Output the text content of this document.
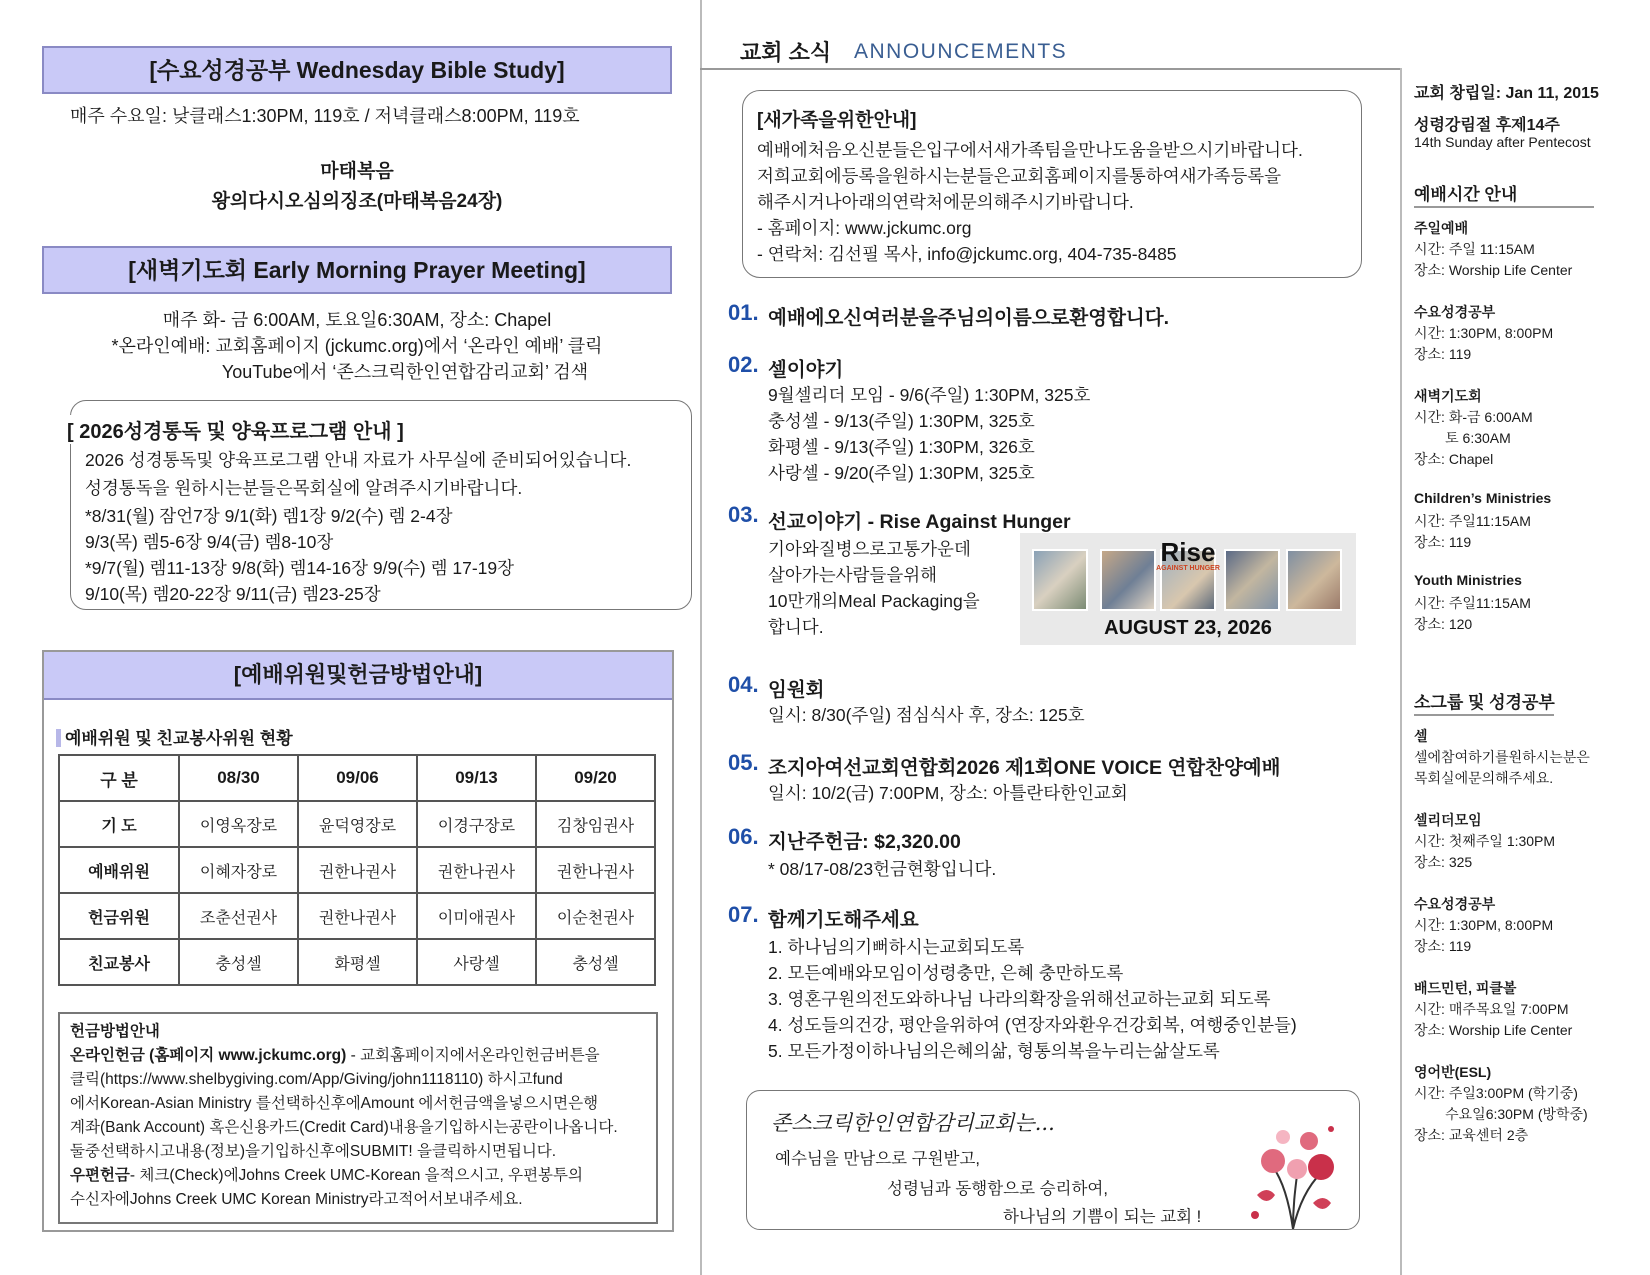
[수요성경공부 Wednesday Bible Study]
매주 수요일: 낮클래스1:30PM, 119호 / 저녁클래스8:00PM, 119호
마태복음
왕의다시오심의징조(마태복음24장)
[새벽기도회 Early Morning Prayer Meeting]
매주 화- 금 6:00AM, 토요일6:30AM, 장소: Chapel
*온라인예배: 교회홈페이지 (jckumc.org)에서 ‘온라인 예배’ 클릭
YouTube에서 ‘존스크릭한인연합감리교회’ 검색
[ 2026성경통독 및 양육프로그램 안내 ]
2026 성경통독및 양육프로그램 안내 자료가 사무실에 준비되어있습니다.
성경통독을 원하시는분들은목회실에 알려주시기바랍니다.
*8/31(월) 잠언7장 9/1(화) 렘1장 9/2(수) 렘 2-4장
9/3(목) 렘5-6장 9/4(금) 렘8-10장
*9/7(월) 렘11-13장 9/8(화) 렘14-16장 9/9(수) 렘 17-19장
9/10(목) 렘20-22장 9/11(금) 렘23-25장
[예배위원및헌금방법안내]
예배위원 및 친교봉사위원 현황
구 분	08/30	09/06	09/13	09/20
기 도	이영옥장로	윤덕영장로	이경구장로	김창임권사
예배위원	이혜자장로	권한나권사	권한나권사	권한나권사
헌금위원	조춘선권사	권한나권사	이미애권사	이순천권사
친교봉사	충성셀	화평셀	사랑셀	충성셀
헌금방법안내
온라인헌금 (홈페이지 www.jckumc.org) - 교회홈페이지에서온라인헌금버튼을
클릭(https://www.shelbygiving.com/App/Giving/john1118110) 하시고fund
에서Korean-Asian Ministry 를선택하신후에Amount 에서헌금액을넣으시면은행
계좌(Bank Account) 혹은신용카드(Credit Card)내용을기입하시는공란이나옵니다.
둘중선택하시고내용(정보)을기입하신후에SUBMIT! 을클릭하시면됩니다.
우편헌금- 체크(Check)에Johns Creek UMC-Korean 을적으시고, 우편봉투의
수신자에Johns Creek UMC Korean Ministry라고적어서보내주세요.
교회 소식 ANNOUNCEMENTS
[새가족을위한안내]
예배에처음오신분들은입구에서새가족팀을만나도움을받으시기바랍니다.
저희교회에등록을원하시는분들은교회홈페이지를통하여새가족등록을
해주시거나아래의연락처에문의해주시기바랍니다.
- 홈페이지: www.jckumc.org
- 연락처: 김선필 목사, info@jckumc.org, 404-735-8485
01. 예배에오신여러분을주님의이름으로환영합니다.
02. 셀이야기
9월셀리더 모임 - 9/6(주일) 1:30PM, 325호
충성셀 - 9/13(주일) 1:30PM, 325호
화평셀 - 9/13(주일) 1:30PM, 326호
사랑셀 - 9/20(주일) 1:30PM, 325호
03. 선교이야기 - Rise Against Hunger
기아와질병으로고통가운데
살아가는사람들을위해
10만개의Meal Packaging을
합니다.
Rise
AGAINST HUNGER
AUGUST 23, 2026
04. 임원회
일시: 8/30(주일) 점심식사 후, 장소: 125호
05. 조지아여선교회연합회2026 제1회ONE VOICE 연합찬양예배
일시: 10/2(금) 7:00PM, 장소: 아틀란타한인교회
06. 지난주헌금: $2,320.00
* 08/17-08/23헌금현황입니다.
07. 함께기도해주세요
1. 하나님의기뻐하시는교회되도록
2. 모든예배와모임이성령충만, 은혜 충만하도록
3. 영혼구원의전도와하나님 나라의확장을위해선교하는교회 되도록
4. 성도들의건강, 평안을위하여 (연장자와환우건강회복, 여행중인분들)
5. 모든가정이하나님의은혜의삶, 형통의복을누리는삶살도록
존스크릭한인연합감리교회는...
예수님을 만남으로 구원받고,
성령님과 동행함으로 승리하여,
하나님의 기쁨이 되는 교회 !
교회 창립일: Jan 11, 2015
성령강림절 후제14주
14th Sunday after Pentecost
예배시간 안내
주일예배
시간: 주일 11:15AM
장소: Worship Life Center
수요성경공부
시간: 1:30PM, 8:00PM
장소: 119
새벽기도회
시간: 화-금 6:00AM
토 6:30AM
장소: Chapel
Children’s Ministries
시간: 주일11:15AM
장소: 119
Youth Ministries
시간: 주일11:15AM
장소: 120
소그룹 및 성경공부
셀
셀에참여하기를원하시는분은
목회실에문의해주세요.
셀리더모임
시간: 첫째주일 1:30PM
장소: 325
수요성경공부
시간: 1:30PM, 8:00PM
장소: 119
배드민턴, 피클볼
시간: 매주목요일 7:00PM
장소: Worship Life Center
영어반(ESL)
시간: 주일3:00PM (학기중)
수요일6:30PM (방학중)
장소: 교육센터 2층
